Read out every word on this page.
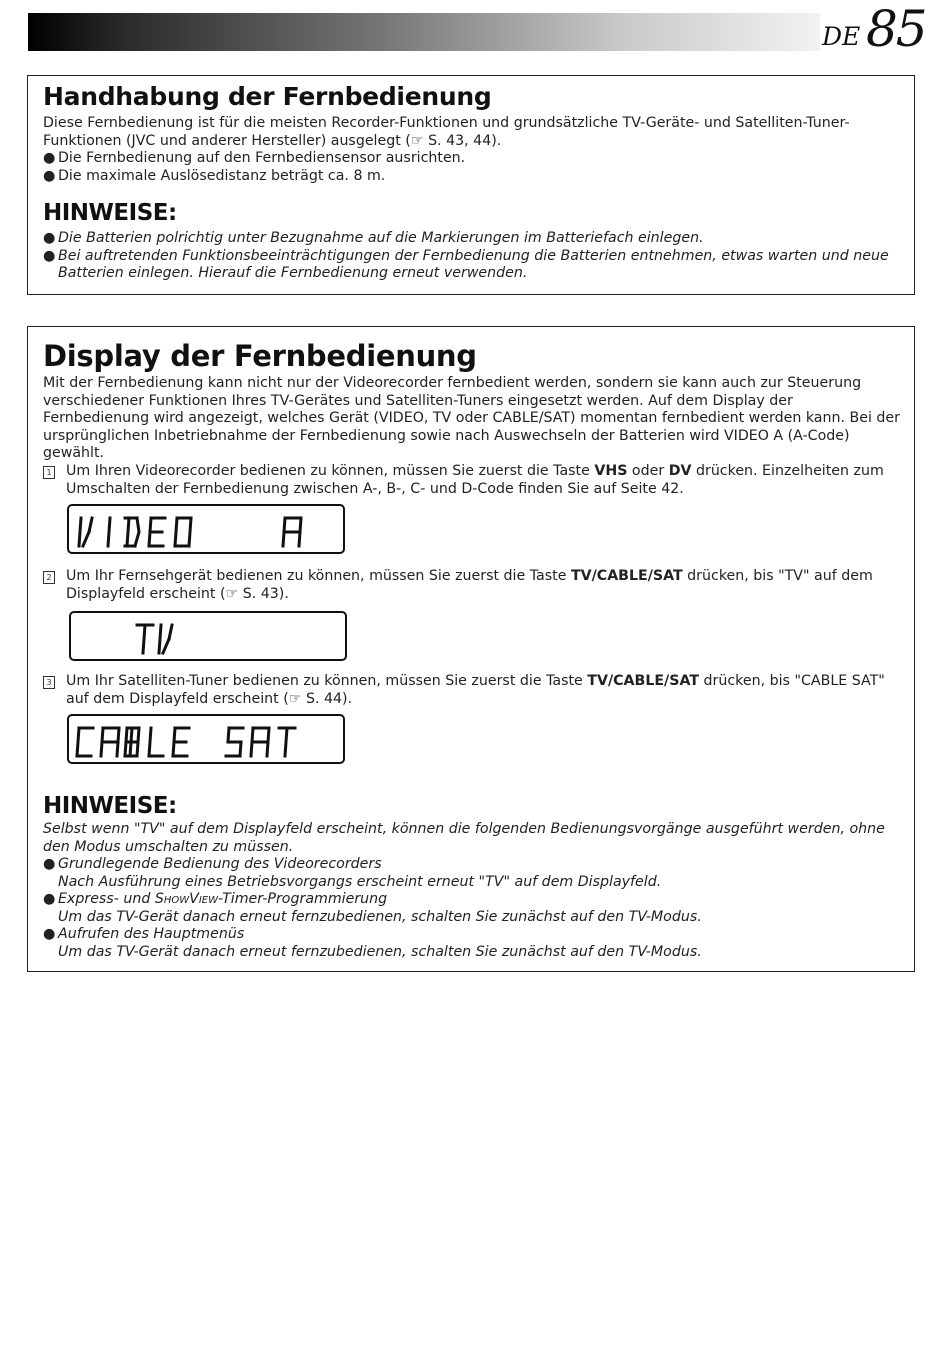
DE 85
Handhabung der Fernbedienung
Diese Fernbedienung ist für die meisten Recorder-Funktionen und grundsätzliche TV-Geräte- und Satelliten-Tuner-Funktionen (JVC und anderer Hersteller) ausgelegt (☞ S. 43, 44).
● Die Fernbedienung auf den Fernbediensensor ausrichten.
● Die maximale Auslösedistanz beträgt ca. 8 m.
HINWEISE:
● Die Batterien polrichtig unter Bezugnahme auf die Markierungen im Batteriefach einlegen.
● Bei auftretenden Funktionsbeeinträchtigungen der Fernbedienung die Batterien entnehmen, etwas warten und neue Batterien einlegen. Hierauf die Fernbedienung erneut verwenden.
Display der Fernbedienung
Mit der Fernbedienung kann nicht nur der Videorecorder fernbedient werden, sondern sie kann auch zur Steuerung verschiedener Funktionen Ihres TV-Gerätes und Satelliten-Tuners eingesetzt werden. Auf dem Display der Fernbedienung wird angezeigt, welches Gerät (VIDEO, TV oder CABLE/SAT) momentan fernbedient werden kann. Bei der ursprünglichen Inbetriebnahme der Fernbedienung sowie nach Auswechseln der Batterien wird VIDEO A (A-Code) gewählt.
1	Um Ihren Videorecorder bedienen zu können, müssen Sie zuerst die Taste VHS oder DV drücken. Einzelheiten zum Umschalten der Fernbedienung zwischen A-, B-, C- und D-Code finden Sie auf Seite 42.
2	Um Ihr Fernsehgerät bedienen zu können, müssen Sie zuerst die Taste TV/CABLE/SAT drücken, bis "TV" auf dem Displayfeld erscheint (☞ S. 43).
3	Um Ihr Satelliten-Tuner bedienen zu können, müssen Sie zuerst die Taste TV/CABLE/SAT drücken, bis "CABLE SAT" auf dem Displayfeld erscheint (☞ S. 44).
HINWEISE:
Selbst wenn "TV" auf dem Displayfeld erscheint, können die folgenden Bedienungsvorgänge ausgeführt werden, ohne den Modus umschalten zu müssen.
● Grundlegende Bedienung des Videorecorders
Nach Ausführung eines Betriebsvorgangs erscheint erneut "TV" auf dem Displayfeld.
● Express- und ShowView-Timer-Programmierung
Um das TV-Gerät danach erneut fernzubedienen, schalten Sie zunächst auf den TV-Modus.
● Aufrufen des Hauptmenüs
Um das TV-Gerät danach erneut fernzubedienen, schalten Sie zunächst auf den TV-Modus.
